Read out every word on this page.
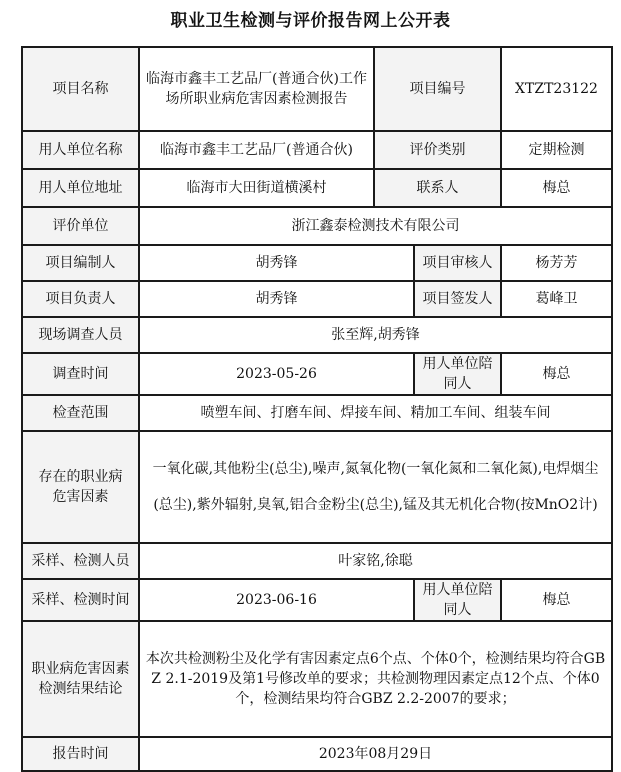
职业卫生检测与评价报告网上公开表
项目名称	临海市鑫丰工艺品厂(普通合伙)工作场所职业病危害因素检测报告	项目编号		XTZT23122
用人单位名称	临海市鑫丰工艺品厂(普通合伙)	评价类别		定期检测
用人单位地址	临海市大田街道横溪村	联系人		梅总
评价单位	浙江鑫泰检测技术有限公司			
项目编制人	胡秀锋		项目审核人	杨芳芳
项目负责人	胡秀锋		项目签发人	葛峰卫
现场调查人员	张至辉,胡秀锋			
调查时间	2023-05-26		用人单位陪同人	梅总
检查范围	喷塑车间、打磨车间、焊接车间、精加工车间、组装车间			
存在的职业病危害因素	一氧化碳,其他粉尘(总尘),噪声,氮氧化物(一氧化氮和二氧化氮),电焊烟尘(总尘),紫外辐射,臭氧,铝合金粉尘(总尘),锰及其无机化合物(按MnO2计)			
采样、检测人员	叶家铭,徐聪			
采样、检测时间	2023-06-16		用人单位陪同人	梅总
职业病危害因素检测结果结论	本次共检测粉尘及化学有害因素定点6个点、个体0个，检测结果均符合GBZ 2.1-2019及第1号修改单的要求；共检测物理因素定点12个点、个体0个，检测结果均符合GBZ 2.2-2007的要求；			
报告时间	2023年08月29日			
